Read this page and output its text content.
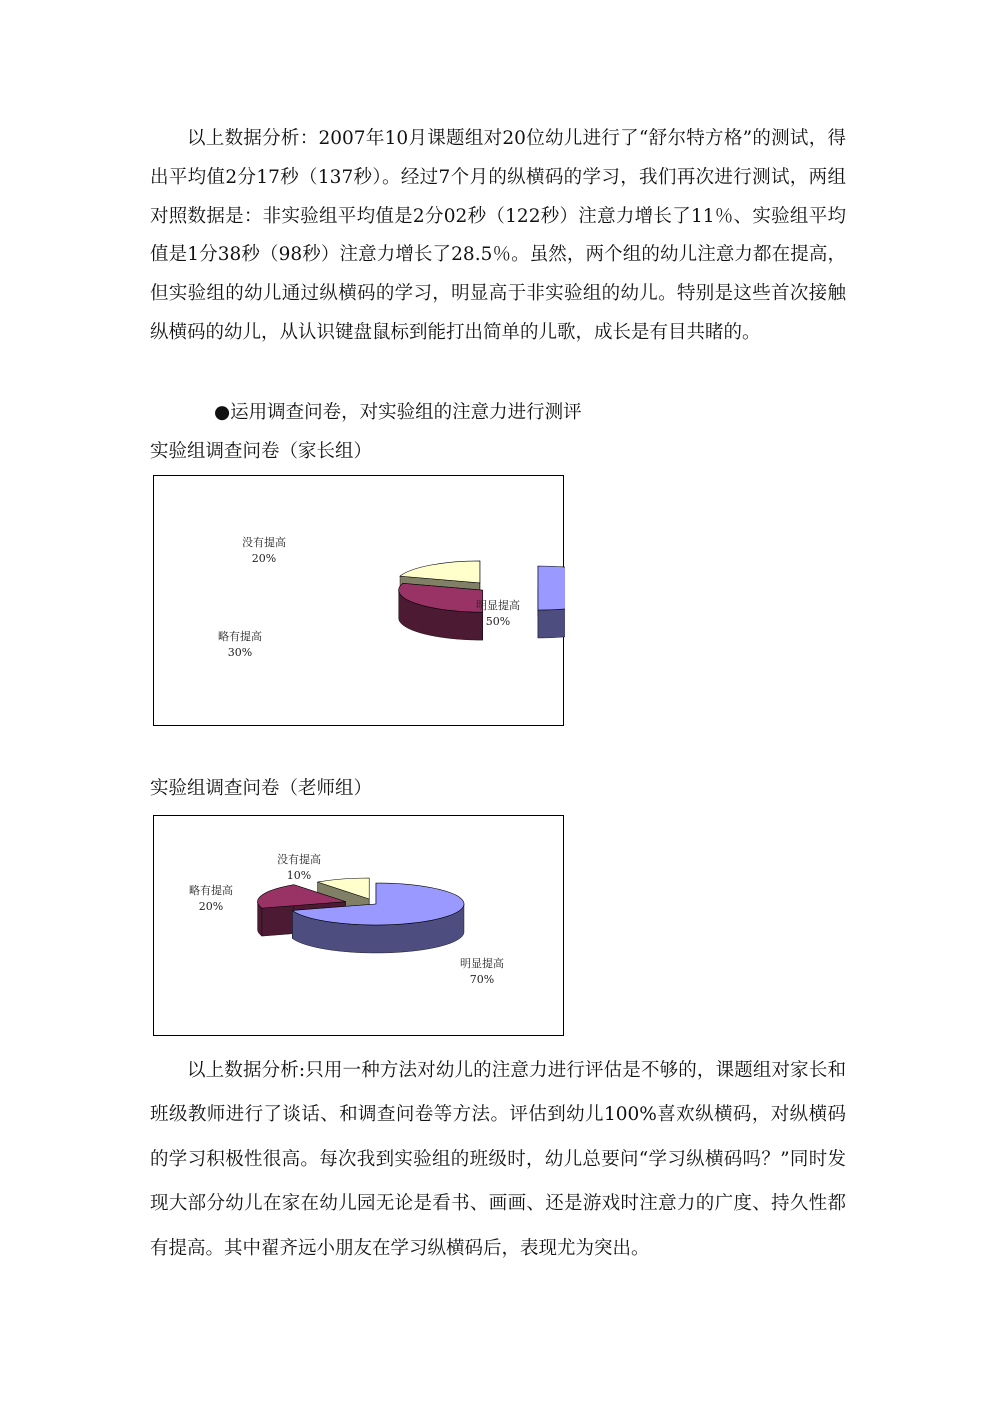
以上数据分析：2007年10月课题组对20位幼儿进行了“舒尔特方格”的测试，得出平均值2分17秒（137秒）。经过7个月的纵横码的学习，我们再次进行测试，两组对照数据是：非实验组平均值是2分02秒（122秒）注意力增长了11％、实验组平均值是1分38秒（98秒）注意力增长了28.5％。虽然，两个组的幼儿注意力都在提高，但实验组的幼儿通过纵横码的学习，明显高于非实验组的幼儿。特别是这些首次接触纵横码的幼儿，从认识键盘鼠标到能打出简单的儿歌，成长是有目共睹的。

●运用调查问卷，对实验组的注意力进行测评
实验组调查问卷（家长组）
明显提高
50%
略有提高
30%
没有提高
20%
实验组调查问卷（老师组）
明显提高
70%
略有提高
20%
没有提高
10%

以上数据分析:只用一种方法对幼儿的注意力进行评估是不够的，课题组对家长和班级教师进行了谈话、和调查问卷等方法。评估到幼儿100%喜欢纵横码，对纵横码的学习积极性很高。每次我到实验组的班级时，幼儿总要问“学习纵横码吗？”同时发现大部分幼儿在家在幼儿园无论是看书、画画、还是游戏时注意力的广度、持久性都有提高。其中翟齐远小朋友在学习纵横码后，表现尤为突出。
